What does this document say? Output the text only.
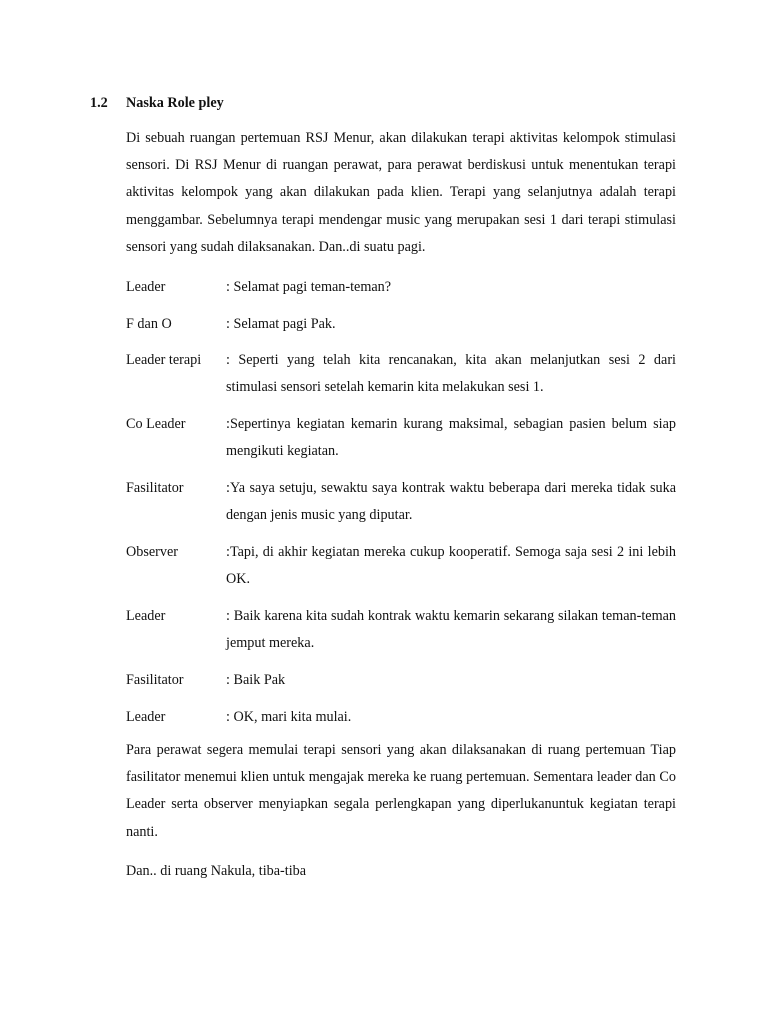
1.2 Naska Role pley
Di sebuah ruangan pertemuan RSJ Menur, akan dilakukan terapi aktivitas kelompok stimulasi sensori. Di RSJ Menur di ruangan perawat, para perawat berdiskusi untuk menentukan terapi aktivitas kelompok yang akan dilakukan pada klien. Terapi yang selanjutnya adalah terapi menggambar. Sebelumnya terapi mendengar music yang merupakan sesi 1 dari terapi stimulasi sensori yang sudah dilaksanakan. Dan..di suatu pagi.
Leader	: Selamat pagi teman-teman?
F dan O	: Selamat pagi Pak.
Leader terapi	: Seperti yang telah kita rencanakan, kita akan melanjutkan sesi 2 dari stimulasi sensori setelah kemarin kita melakukan sesi 1.
Co Leader	:Sepertinya kegiatan kemarin kurang maksimal, sebagian pasien belum siap mengikuti kegiatan.
Fasilitator	:Ya saya setuju, sewaktu saya kontrak waktu beberapa dari mereka tidak suka dengan jenis music yang diputar.
Observer	:Tapi, di akhir kegiatan mereka cukup kooperatif. Semoga saja sesi 2 ini lebih OK.
Leader	: Baik karena kita sudah kontrak waktu kemarin sekarang silakan teman-teman jemput mereka.
Fasilitator	: Baik Pak
Leader	: OK, mari kita mulai.
Para perawat segera memulai terapi sensori yang akan dilaksanakan di ruang pertemuan Tiap fasilitator menemui klien untuk mengajak mereka ke ruang pertemuan. Sementara leader dan Co Leader serta observer menyiapkan segala perlengkapan yang diperlukanuntuk kegiatan terapi nanti.
Dan.. di ruang Nakula, tiba-tiba
